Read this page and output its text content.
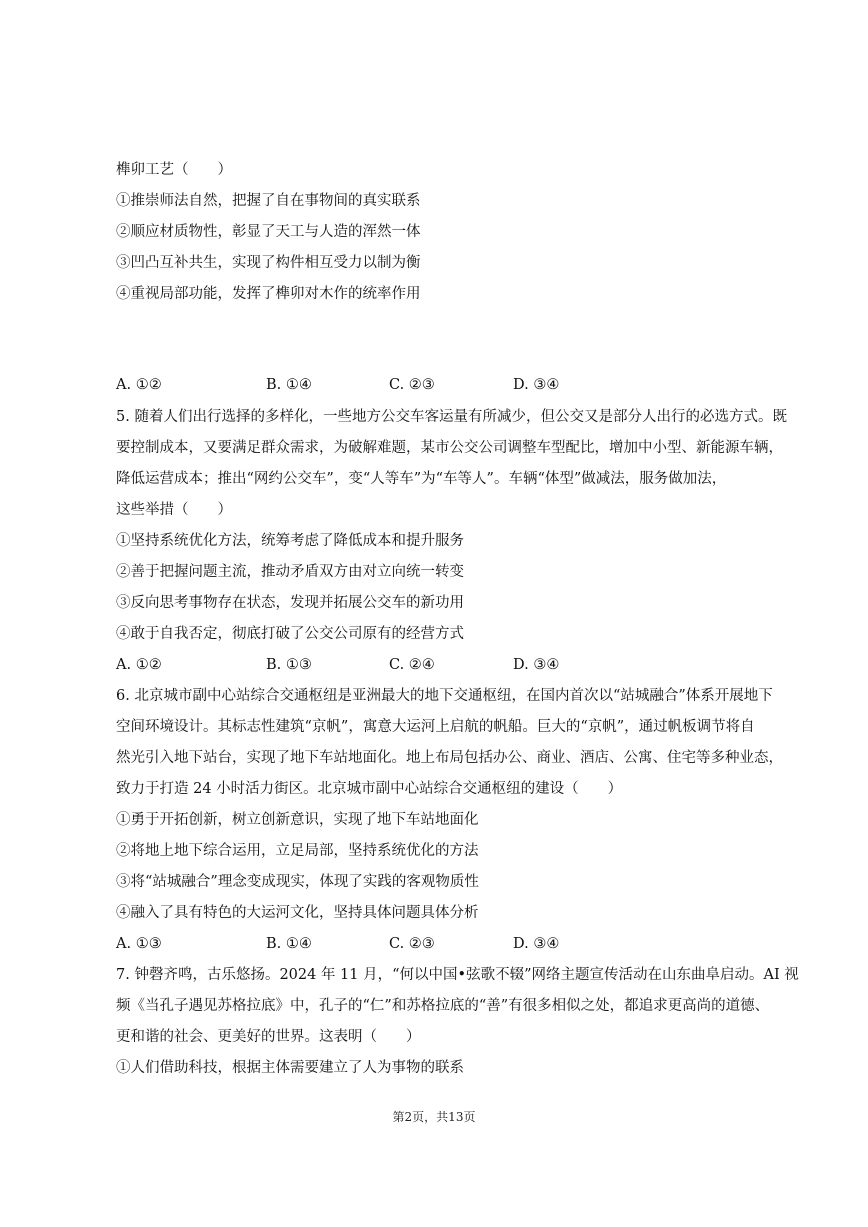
榫卯工艺（　　）
①推崇师法自然，把握了自在事物间的真实联系
②顺应材质物性，彰显了天工与人造的浑然一体
③凹凸互补共生，实现了构件相互受力以制为衡
④重视局部功能，发挥了榫卯对木作的统率作用
A. ①②	B. ①④	C. ②③	D. ③④
5. 随着人们出行选择的多样化，一些地方公交车客运量有所减少，但公交又是部分人出行的必选方式。既
要控制成本，又要满足群众需求，为破解难题，某市公交公司调整车型配比，增加中小型、新能源车辆，
降低运营成本；推出“网约公交车”，变“人等车”为“车等人”。车辆“体型”做减法，服务做加法，
这些举措（　　）
①坚持系统优化方法，统筹考虑了降低成本和提升服务
②善于把握问题主流，推动矛盾双方由对立向统一转变
③反向思考事物存在状态，发现并拓展公交车的新功用
④敢于自我否定，彻底打破了公交公司原有的经营方式
A. ①②	B. ①③	C. ②④	D. ③④
6. 北京城市副中心站综合交通枢纽是亚洲最大的地下交通枢纽，在国内首次以“站城融合”体系开展地下
空间环境设计。其标志性建筑“京帆”，寓意大运河上启航的帆船。巨大的“京帆”，通过帆板调节将自
然光引入地下站台，实现了地下车站地面化。地上布局包括办公、商业、酒店、公寓、住宅等多种业态，
致力于打造 24 小时活力街区。北京城市副中心站综合交通枢纽的建设（　　）
①勇于开拓创新，树立创新意识，实现了地下车站地面化
②将地上地下综合运用，立足局部，坚持系统优化的方法
③将“站城融合”理念变成现实，体现了实践的客观物质性
④融入了具有特色的大运河文化，坚持具体问题具体分析
A. ①③	B. ①④	C. ②③	D. ③④
7. 钟磬齐鸣，古乐悠扬。2024 年 11 月，“何以中国•弦歌不辍”网络主题宣传活动在山东曲阜启动。AI 视
频《当孔子遇见苏格拉底》中，孔子的“仁”和苏格拉底的“善”有很多相似之处，都追求更高尚的道德、
更和谐的社会、更美好的世界。这表明（　　）
①人们借助科技，根据主体需要建立了人为事物的联系
第2页，共13页
